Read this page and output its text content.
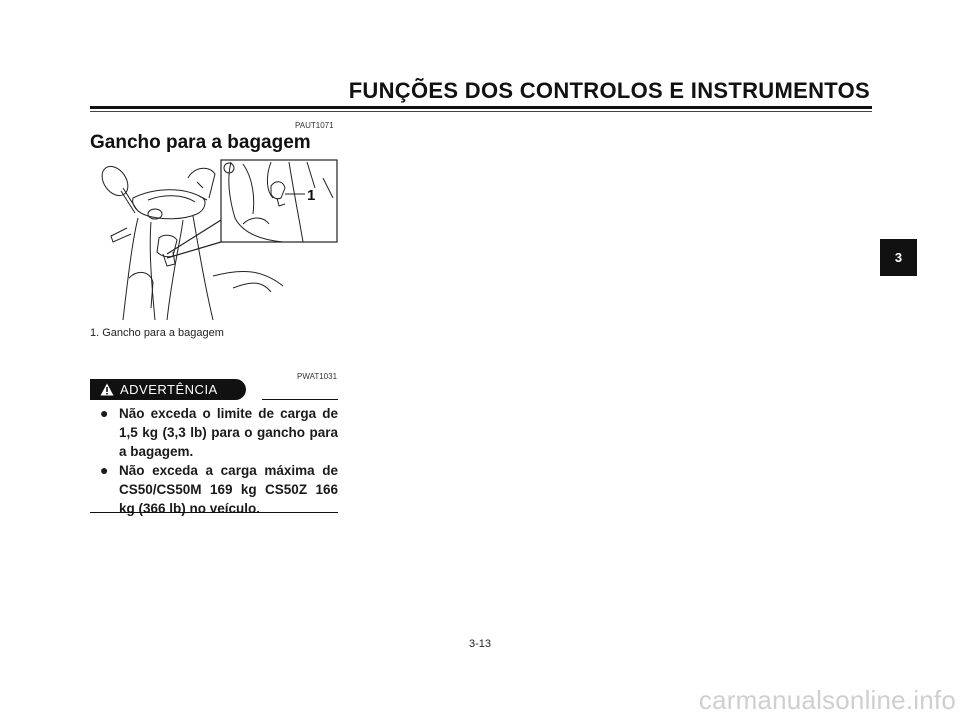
FUNÇÕES DOS CONTROLOS E INSTRUMENTOS
PAUT1071
Gancho para a bagagem
1
1. Gancho para a bagagem
PWAT1031
ADVERTÊNCIA
● Não exceda o limite de carga de 1,5 kg (3,3 lb) para o gancho para a bagagem.
● Não exceda a carga máxima de CS50/CS50M 169 kg CS50Z 166 kg (366 lb) no veículo.
3
3-13
carmanualsonline.info
